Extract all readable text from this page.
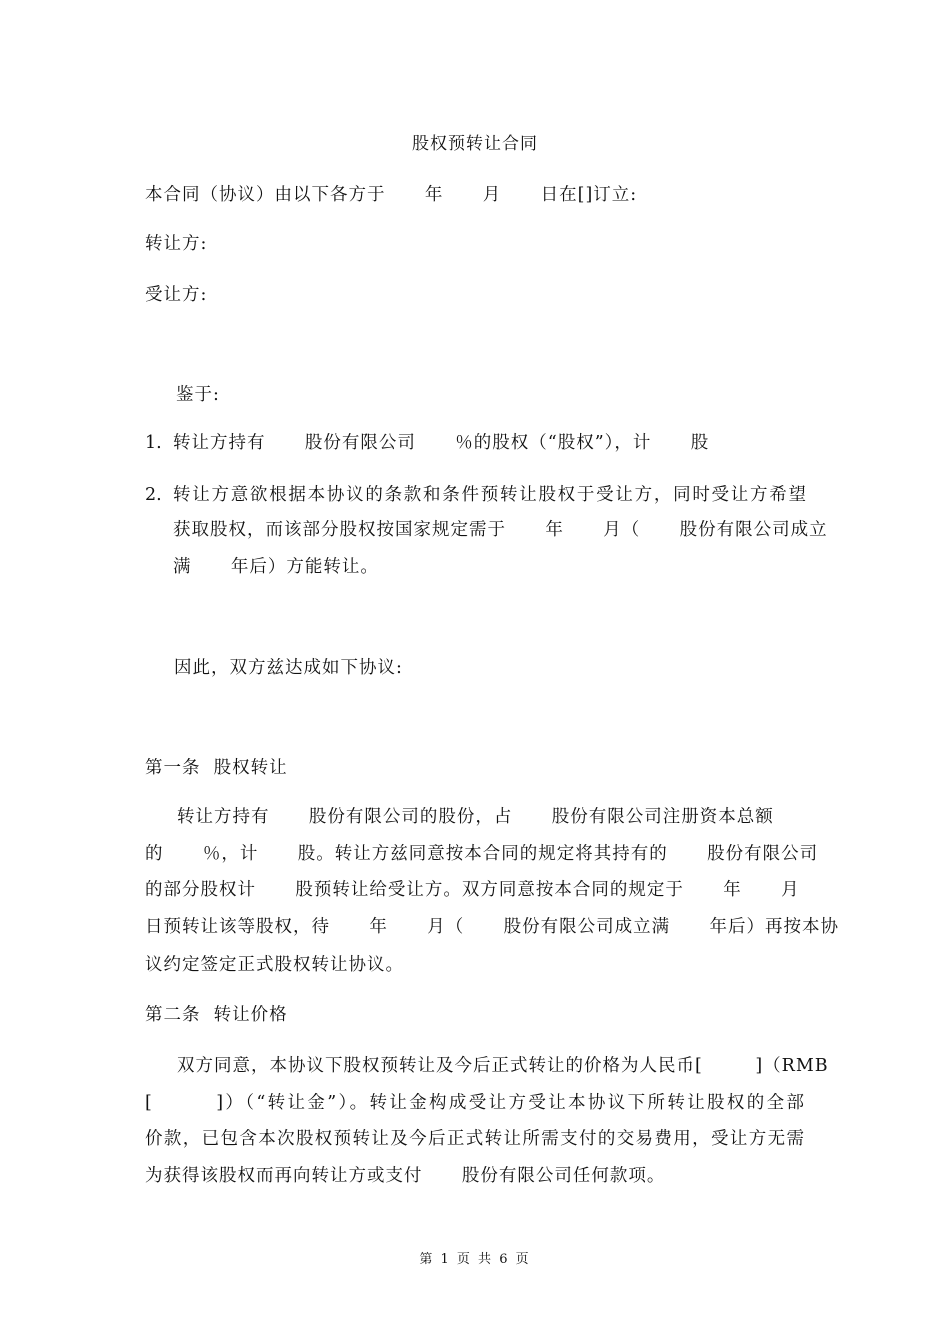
股权预转让合同
本合同（协议）由以下各方于      年      月      日在[]订立:
转让方:
受让方:
鉴于:
1. 转让方持有      股份有限公司      ％的股权（“股权”），计      股
2. 转让方意欲根据本协议的条款和条件预转让股权于受让方，同时受让方希望
获取股权，而该部分股权按国家规定需于      年      月（      股份有限公司成立
满      年后）方能转让。
因此，双方兹达成如下协议:
第一条  股权转让
转让方持有      股份有限公司的股份，占      股份有限公司注册资本总额
的      ％，计      股。转让方兹同意按本合同的规定将其持有的      股份有限公司
的部分股权计      股预转让给受让方。双方同意按本合同的规定于      年      月
日预转让该等股权，待      年      月（      股份有限公司成立满      年后）再按本协
议约定签定正式股权转让协议。
第二条  转让价格
双方同意，本协议下股权预转让及今后正式转让的价格为人民币[        ]（RMB
[        ]）（“转让金”）。转让金构成受让方受让本协议下所转让股权的全部
价款，已包含本次股权预转让及今后正式转让所需支付的交易费用，受让方无需
为获得该股权而再向转让方或支付      股份有限公司任何款项。
第 1 页 共 6 页
